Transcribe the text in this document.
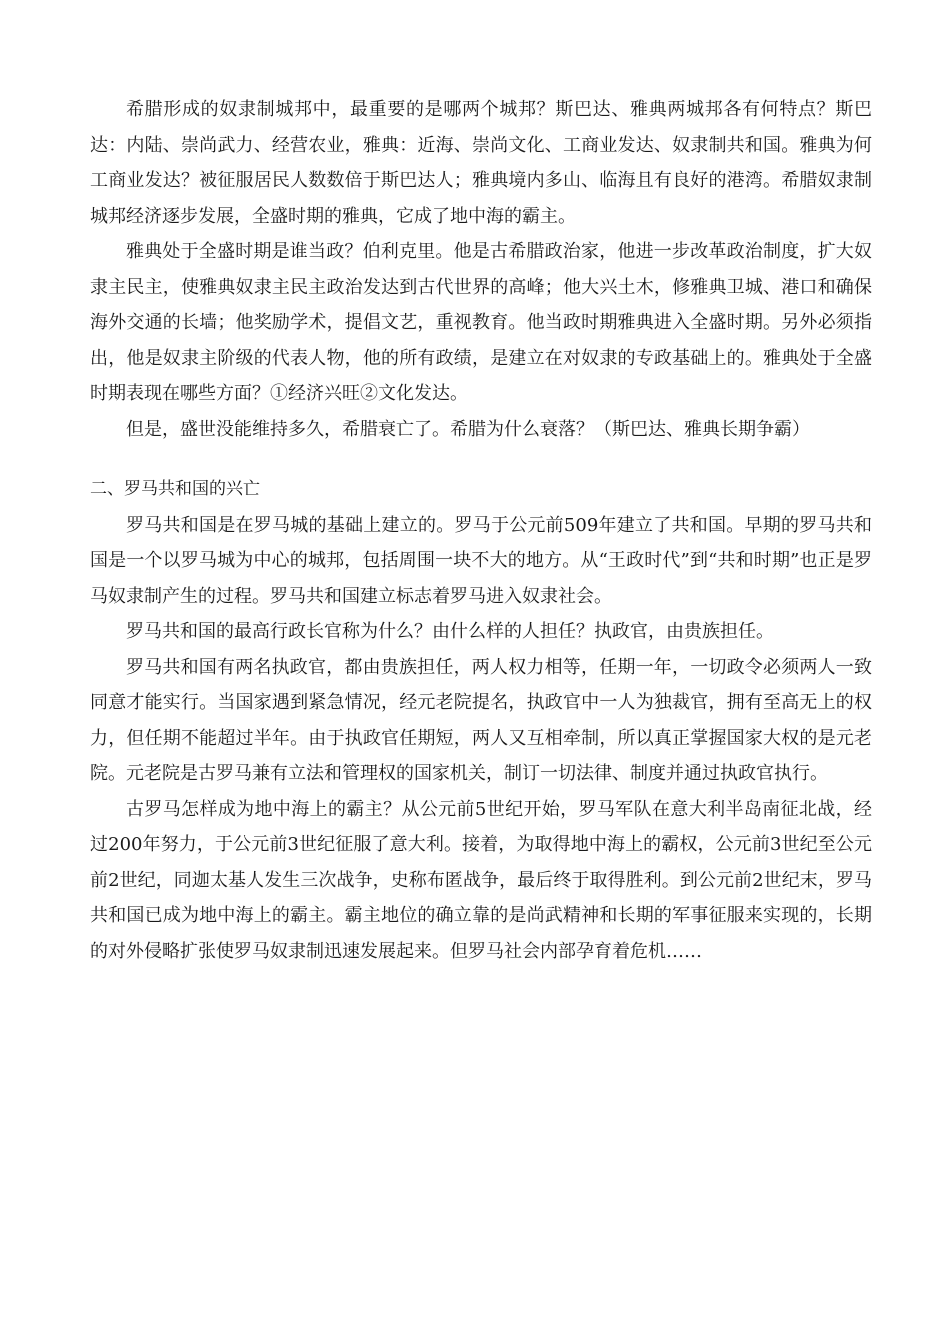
希腊形成的奴隶制城邦中，最重要的是哪两个城邦？斯巴达、雅典两城邦各有何特点？斯巴达：内陆、崇尚武力、经营农业，雅典：近海、崇尚文化、工商业发达、奴隶制共和国。雅典为何工商业发达？被征服居民人数数倍于斯巴达人；雅典境内多山、临海且有良好的港湾。希腊奴隶制城邦经济逐步发展，全盛时期的雅典，它成了地中海的霸主。

雅典处于全盛时期是谁当政？伯利克里。他是古希腊政治家，他进一步改革政治制度，扩大奴隶主民主，使雅典奴隶主民主政治发达到古代世界的高峰；他大兴土木，修雅典卫城、港口和确保海外交通的长墙；他奖励学术，提倡文艺，重视教育。他当政时期雅典进入全盛时期。另外必须指出，他是奴隶主阶级的代表人物，他的所有政绩，是建立在对奴隶的专政基础上的。雅典处于全盛时期表现在哪些方面？①经济兴旺②文化发达。

但是，盛世没能维持多久，希腊衰亡了。希腊为什么衰落？（斯巴达、雅典长期争霸）

二、罗马共和国的兴亡

罗马共和国是在罗马城的基础上建立的。罗马于公元前509年建立了共和国。早期的罗马共和国是一个以罗马城为中心的城邦，包括周围一块不大的地方。从“王政时代”到“共和时期”也正是罗马奴隶制产生的过程。罗马共和国建立标志着罗马进入奴隶社会。

罗马共和国的最高行政长官称为什么？由什么样的人担任？执政官，由贵族担任。

罗马共和国有两名执政官，都由贵族担任，两人权力相等，任期一年，一切政令必须两人一致同意才能实行。当国家遇到紧急情况，经元老院提名，执政官中一人为独裁官，拥有至高无上的权力，但任期不能超过半年。由于执政官任期短，两人又互相牵制，所以真正掌握国家大权的是元老院。元老院是古罗马兼有立法和管理权的国家机关，制订一切法律、制度并通过执政官执行。

古罗马怎样成为地中海上的霸主？从公元前5世纪开始，罗马军队在意大利半岛南征北战，经过200年努力，于公元前3世纪征服了意大利。接着，为取得地中海上的霸权，公元前3世纪至公元前2世纪，同迦太基人发生三次战争，史称布匿战争，最后终于取得胜利。到公元前2世纪末，罗马共和国已成为地中海上的霸主。霸主地位的确立靠的是尚武精神和长期的军事征服来实现的，长期的对外侵略扩张使罗马奴隶制迅速发展起来。但罗马社会内部孕育着危机……
